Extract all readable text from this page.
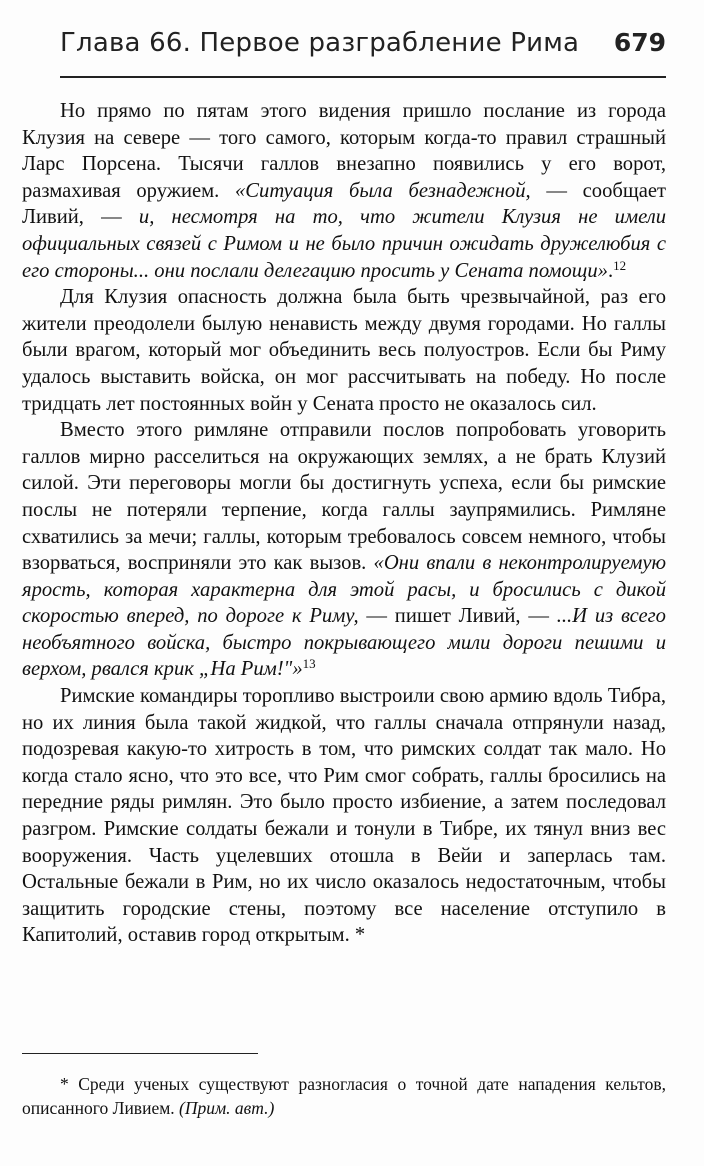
Глава 66. Первое разграбление Рима 679

Но прямо по пятам этого видения пришло послание из города Клузия на севере — того самого, которым когда-то правил страшный Ларс Порсена. Тысячи галлов внезапно появились у его ворот, размахивая оружием. «Ситуация была безнадежной, — сообщает Ливий, — и, несмотря на то, что жители Клузия не имели официальных связей с Римом и не было причин ожидать дружелюбия с его стороны... они послали делегацию просить у Сената помощи».$^{12}$

Для Клузия опасность должна была быть чрезвычайной, раз его жители преодолели былую ненависть между двумя городами. Но галлы были врагом, который мог объединить весь полуостров. Если бы Риму удалось выставить войска, он мог рассчитывать на победу. Но после тридцать лет постоянных войн у Сената просто не оказалось сил.

Вместо этого римляне отправили послов попробовать уговорить галлов мирно расселиться на окружающих землях, а не брать Клузий силой. Эти переговоры могли бы достигнуть успеха, если бы римские послы не потеряли терпение, когда галлы заупрямились. Римляне схватились за мечи; галлы, которым требовалось совсем немного, чтобы взорваться, восприняли это как вызов. «Они впали в неконтролируемую ярость, которая характерна для этой расы, и бросились с дикой скоростью вперед, по дороге к Риму, — пишет Ливий, — ...И из всего необъятного войска, быстро покрывающего мили дороги пешими и верхом, рвался крик „На Рим!"»$^{13}$

Римские командиры торопливо выстроили свою армию вдоль Тибра, но их линия была такой жидкой, что галлы сначала отпрянули назад, подозревая какую-то хитрость в том, что римских солдат так мало. Но когда стало ясно, что это все, что Рим смог собрать, галлы бросились на передние ряды римлян. Это было просто избиение, а затем последовал разгром. Римские солдаты бежали и тонули в Тибре, их тянул вниз вес вооружения. Часть уцелевших отошла в Вейи и заперлась там. Остальные бежали в Рим, но их число оказалось недостаточным, чтобы защитить городские стены, поэтому все население отступило в Капитолий, оставив город открытым. *

* Среди ученых существуют разногласия о точной дате нападения кельтов, описанного Ливием. (Прим. авт.)
